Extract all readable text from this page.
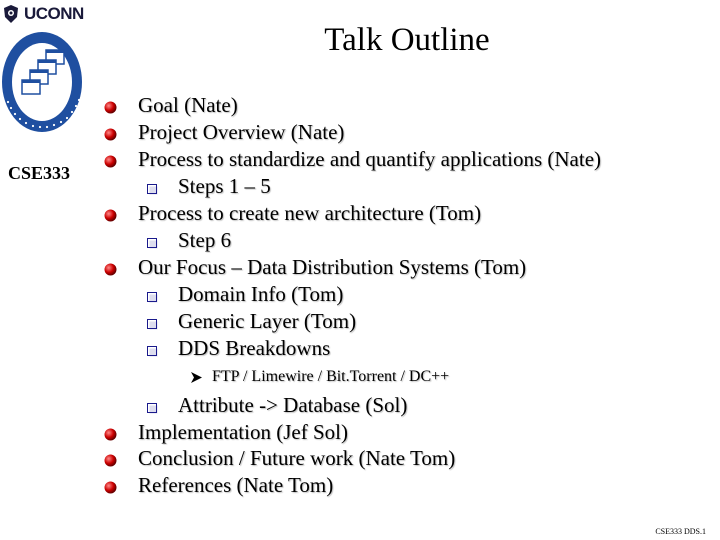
UCONN
CSE333
Talk Outline
Goal (Nate)
Project Overview (Nate)
Process to standardize and quantify applications (Nate)
Steps 1 – 5
Process to create new architecture (Tom)
Step 6
Our Focus – Data Distribution Systems (Tom)
Domain Info (Tom)
Generic Layer (Tom)
DDS Breakdowns
FTP / Limewire / Bit.Torrent / DC++
Attribute -> Database (Sol)
Implementation (Jef Sol)
Conclusion / Future work (Nate Tom)
References (Nate Tom)
CSE333 DDS.1
